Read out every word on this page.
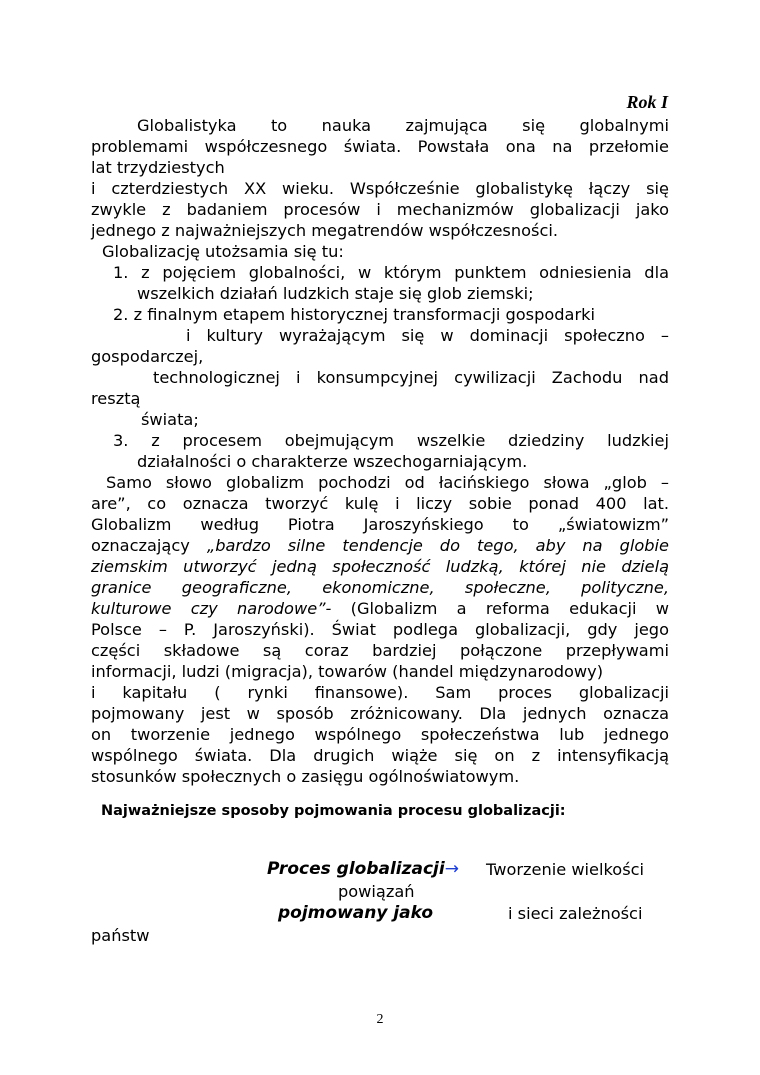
Rok I
Globalistyka to nauka zajmująca się globalnymi
problemami współczesnego świata. Powstała ona na przełomie
lat trzydziestych
i czterdziestych XX wieku. Współcześnie globalistykę łączy się
zwykle z badaniem procesów i mechanizmów globalizacji jako
jednego z najważniejszych megatrendów współczesności.
Globalizację utożsamia się tu:
1. z pojęciem globalności, w którym punktem odniesienia dla
wszelkich działań ludzkich staje się glob ziemski;
2. z finalnym etapem historycznej transformacji gospodarki
i kultury wyrażającym się w dominacji społeczno –
gospodarczej,
technologicznej i konsumpcyjnej cywilizacji Zachodu nad
resztą
świata;
3. z procesem obejmującym wszelkie dziedziny ludzkiej
działalności o charakterze wszechogarniającym.
Samo słowo globalizm pochodzi od łacińskiego słowa „glob –
are”, co oznacza tworzyć kulę i liczy sobie ponad 400 lat.
Globalizm według Piotra Jaroszyńskiego to „światowizm”
oznaczający „bardzo silne tendencje do tego, aby na globie
ziemskim utworzyć jedną społeczność ludzką, której nie dzielą
granice geograficzne, ekonomiczne, społeczne, polityczne,
kulturowe czy narodowe”- (Globalizm a reforma edukacji w
Polsce – P. Jaroszyński). Świat podlega globalizacji, gdy jego
części składowe są coraz bardziej połączone przepływami
informacji, ludzi (migracja), towarów (handel międzynarodowy)
i kapitału ( rynki finansowe). Sam proces globalizacji
pojmowany jest w sposób zróżnicowany. Dla jednych oznacza
on tworzenie jednego wspólnego społeczeństwa lub jednego
wspólnego świata. Dla drugich wiąże się on z intensyfikacją
stosunków społecznych o zasięgu ogólnoświatowym.
Najważniejsze sposoby pojmowania procesu globalizacji:
Proces globalizacji→ Tworzenie wielkości
powiązań
pojmowany jako	i sieci zależności
państw
2
